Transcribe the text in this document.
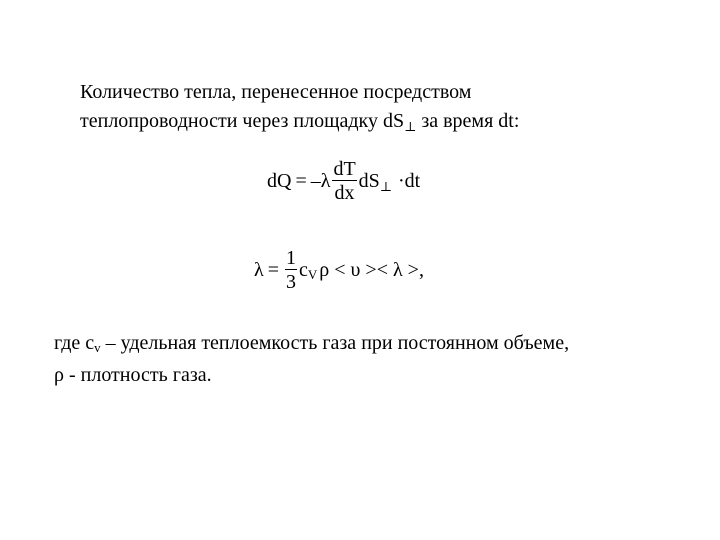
Количество тепла, перенесенное посредством
теплопроводности через площадку $dS_\perp$ за время dt:
dQ = $-\lambda \frac{dT}{dx} dS_\perp \cdot dt$
$\lambda = \frac{1}{3}$ cV ρ < υ >< λ >,
где cv – удельная теплоемкость газа при постоянном объеме,
ρ - плотность газа.
